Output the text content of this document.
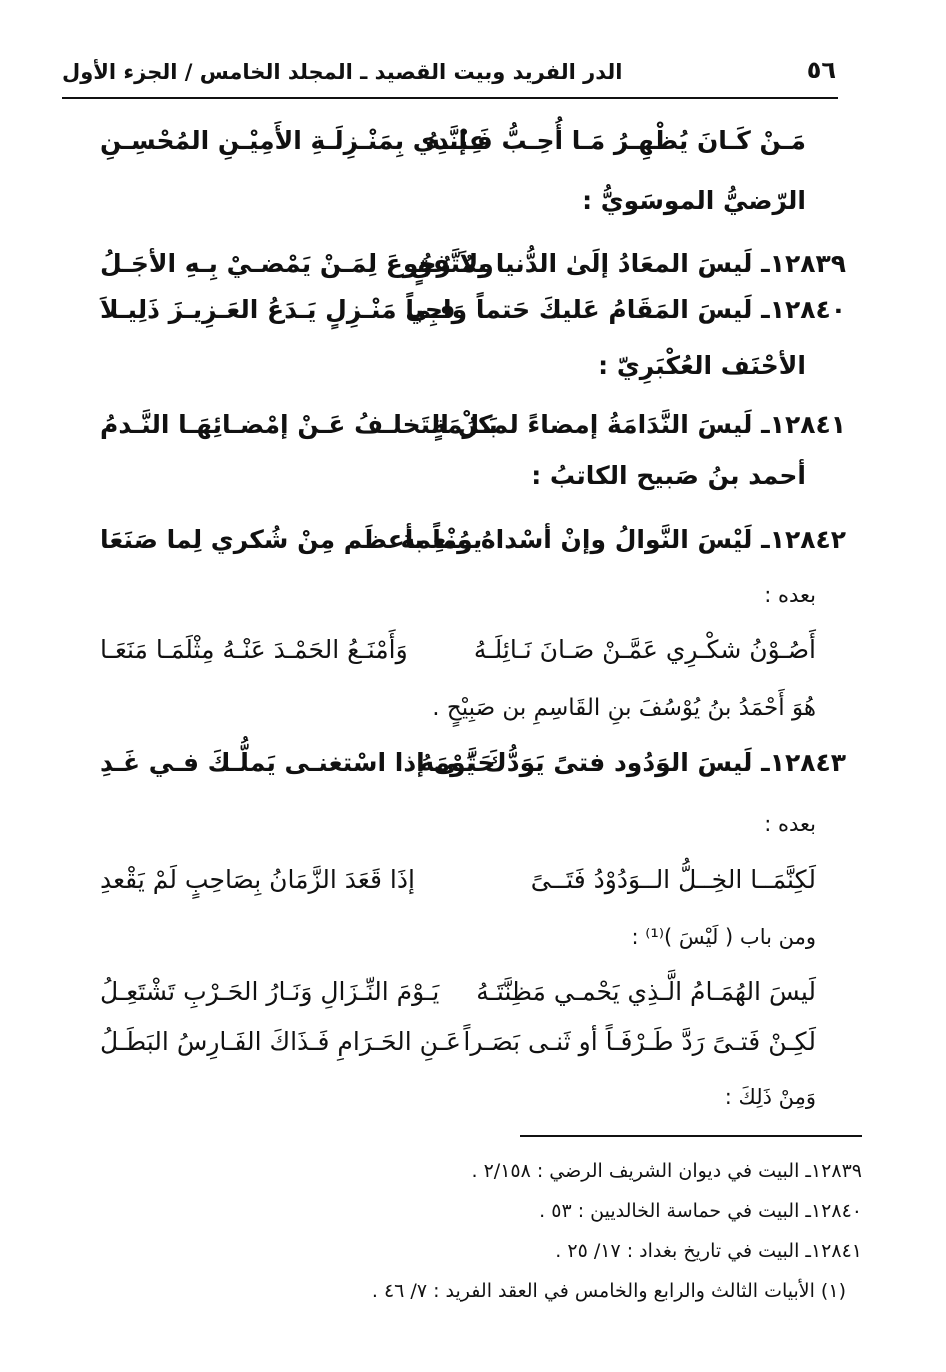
٥٦
الدر الفريد وبيت القصيد ـ المجلد الخامس / الجزء الأول
مَـنْ كَـانَ يُظْهِـرُ مَـا أُحِـبُّ فَـإنَّـهُ
عِنْـدِي بِمَنْـزِلَـةِ الأَمِيْـنِ المُحْسِـنِ
الرّضيُّ الموسَويُّ :
١٢٨٣٩ـ لَيسَ المعَادُ إلَىٰ الدُّنيا بمُتَّفِقٍ
ولاَ رُجُوعَ لِمَـنْ يَمْضـيْ بِـهِ الأجَـلُ
١٢٨٤٠ـ لَيسَ المَقَامُ عَليكَ حَتماً وَاجِباً
فـي مَنْـزِلٍ يَـدَعُ العَـزِيـزَ ذَلِيـلاَ
الأحْنَف العُكْبَرِيّ :
١٢٨٤١ـ لَيسَ النَّدَامَةُ إمضاءً لمكرُمَةٍ
بَـلْ التَخلـفُ عَـنْ إمْضـائِهَـا النَّـدمُ
أحمد بنُ صَبيح الكاتبُ :
١٢٨٤٢ـ لَيْسَ النَّوالُ وإنْ أسْداهُ مُنْعِمة
يوماً بأعظَم مِنْ شُكري لِما صَنَعَا
بعده :
أَصُـوْنُ شكْـرِي عَمَّـنْ صَـانَ نَـائِلَـهُ
وَأَمْنَـعُ الحَمْـدَ عَنْـهُ مِثْلَمَـا مَنَعَـا
هُوَ أَحْمَدُ بنُ يُوْسُفَ بنِ القَاسِمِ بن صَبِيْحٍ .
١٢٨٤٣ـ لَيسَ الوَدُود فتىً يَوَدُّكَ يَوْمَهُ
حَتَّـى إذا اسْتغنـى يَملُّـكَ فـي غَـدِ
بعده :
لَكِنَّمَــا الخِــلُّ الــوَدُوْدُ فَتَــىً
إذَا قَعَدَ الزَّمَانُ بِصَاحِبٍ لَمْ يَقْعدِ
ومن باب ( لَيْسَ )⁽¹⁾ :
لَيسَ الهُمَـامُ الَّـذِي يَحْمـي مَظِنَّتَـهُ
يَـوْمَ النِّـزَالِ وَنَـارُ الحَـرْبِ تَشْتَعِـلُ
لَكِـنْ فَتـىً رَدَّ طَـرْفَـاً أو ثَنـى بَصَـراً
عَـنِ الحَـرَامِ فَـذَاكَ الفَـارِسُ البَطَـلُ
وَمِنْ ذَلِكَ :
١٢٨٣٩ـ البيت في ديوان الشريف الرضي : ٢/١٥٨ .
١٢٨٤٠ـ البيت في حماسة الخالديين : ٥٣ .
١٢٨٤١ـ البيت في تاريخ بغداد : ١٧/ ٢٥ .
(١) الأبيات الثالث والرابع والخامس في العقد الفريد : ٧/ ٤٦ .
